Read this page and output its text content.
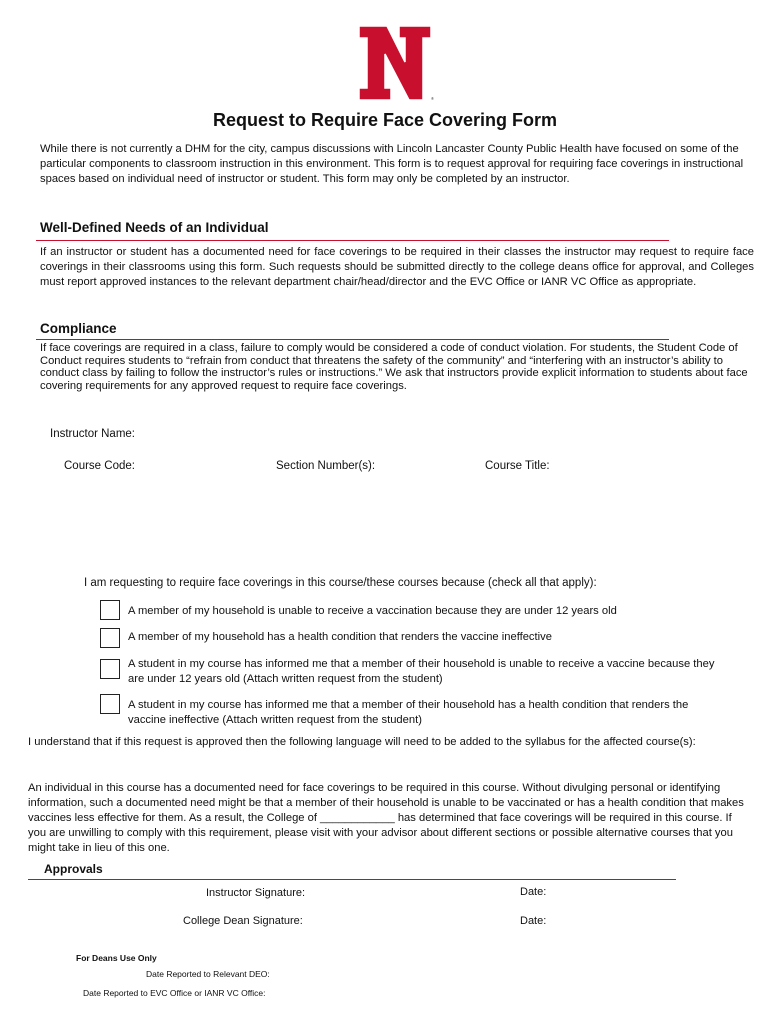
®
Request to Require Face Covering Form
While there is not currently a DHM for the city, campus discussions with Lincoln Lancaster County Public Health have focused on some of the particular components to classroom instruction in this environment. This form is to request approval for requiring face coverings in instructional spaces based on individual need of instructor or student. This form may only be completed by an instructor.
Well-Defined Needs of an Individual
If an instructor or student has a documented need for face coverings to be required in their classes the instructor may request to require face coverings in their classrooms using this form. Such requests should be submitted directly to the college deans office for approval, and Colleges must report approved instances to the relevant department chair/head/director and the EVC Office or IANR VC Office as appropriate.
Compliance
If face coverings are required in a class, failure to comply would be considered a code of conduct violation. For students, the Student Code of Conduct requires students to “refrain from conduct that threatens the safety of the community” and “interfering with an instructor’s ability to conduct class by failing to follow the instructor’s rules or instructions.” We ask that instructors provide explicit information to students about face covering requirements for any approved request to require face coverings.
Instructor Name:
Course Code:	Section Number(s):	Course Title:
I am requesting to require face coverings in this course/these courses because (check all that apply):
A member of my household is unable to receive a vaccination because they are under 12 years old
A member of my household has a health condition that renders the vaccine ineffective
A student in my course has informed me that a member of their household is unable to receive a vaccine because they are under 12 years old (Attach written request from the student)
A student in my course has informed me that a member of their household has a health condition that renders the vaccine ineffective (Attach written request from the student)
I understand that if this request is approved then the following language will need to be added to the syllabus for the affected course(s):
An individual in this course has a documented need for face coverings to be required in this course. Without divulging personal or identifying information, such a documented need might be that a member of their household is unable to be vaccinated or has a health condition that makes vaccines less effective for them. As a result, the College of ____________ has determined that face coverings will be required in this course. If you are unwilling to comply with this requirement, please visit with your advisor about different sections or possible alternative courses that you might take in lieu of this one.
Approvals
Instructor Signature:	Date:
College Dean Signature:	Date:
For Deans Use Only
Date Reported to Relevant DEO:
Date Reported to EVC Office or IANR VC Office:
